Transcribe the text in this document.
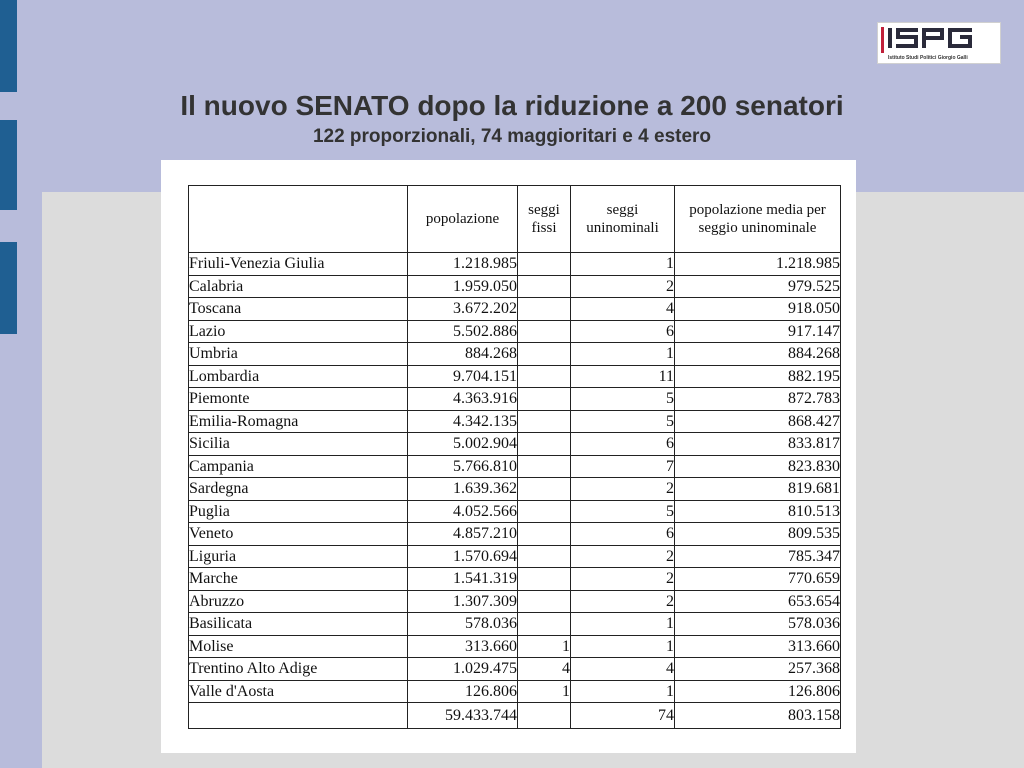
Istituto Studi Politici Giorgio Galli
Il nuovo SENATO dopo la riduzione a 200 senatori
122 proporzionali, 74 maggioritari e 4 estero
	popolazione	seggi fissi	seggi uninominali	popolazione media per seggio uninominale
Friuli-Venezia Giulia	1.218.985		1	1.218.985
Calabria	1.959.050		2	979.525
Toscana	3.672.202		4	918.050
Lazio	5.502.886		6	917.147
Umbria	884.268		1	884.268
Lombardia	9.704.151		11	882.195
Piemonte	4.363.916		5	872.783
Emilia-Romagna	4.342.135		5	868.427
Sicilia	5.002.904		6	833.817
Campania	5.766.810		7	823.830
Sardegna	1.639.362		2	819.681
Puglia	4.052.566		5	810.513
Veneto	4.857.210		6	809.535
Liguria	1.570.694		2	785.347
Marche	1.541.319		2	770.659
Abruzzo	1.307.309		2	653.654
Basilicata	578.036		1	578.036
Molise	313.660	1	1	313.660
Trentino Alto Adige	1.029.475	4	4	257.368
Valle d'Aosta	126.806	1	1	126.806
	59.433.744		74	803.158
